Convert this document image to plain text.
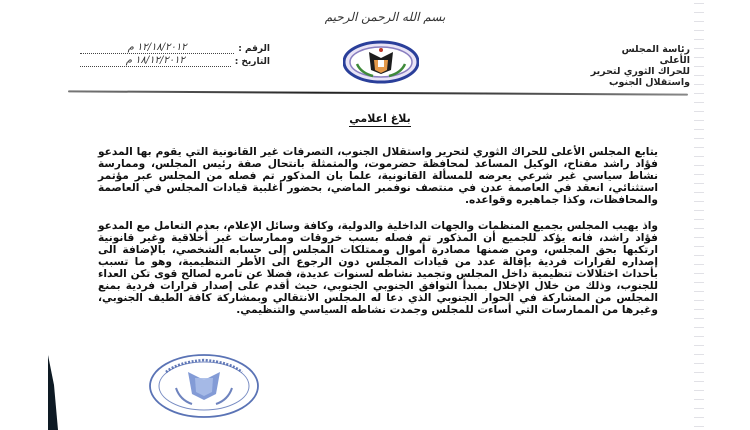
بسم الله الرحمن الرحيم
رئاسة المجلس الأعلى
للحراك الثوري لتحرير
واستقلال الجنوب
الرقم :
١٢/١٨/٢٠١٢ م
التاريخ :
١٨/١٢/٢٠١٢ م
بلاغ اعلامي

يتابع المجلس الأعلى للحراك الثوري لتحرير واستقلال الجنوب، التصرفات غير القانونية التي يقوم بها المدعو فؤاد راشد مفتاح، الوكيل المساعد لمحافظة حضرموت، والمتمثلة بانتحال صفة رئيس المجلس، وممارسة نشاط سياسي غير شرعي يعرضه للمسألة القانونية، علما بان المذكور تم فصله من المجلس عبر مؤتمر استثنائي، انعقد في العاصمة عدن في منتصف نوفمبر الماضي، بحضور أغلبية قيادات المجلس في العاصمة والمحافظات، وكذا جماهيره وقواعده.

واذ يهيب المجلس بجميع المنظمات والجهات الداخلية والدولية، وكافة وسائل الإعلام، بعدم التعامل مع المدعو فؤاد راشد، فانه يؤكد للجميع أن المذكور تم فصله بسبب خروقات وممارسات غير أخلاقية وغير قانونية ارتكبها بحق المجلس، ومن ضمنها مصادرة أموال وممتلكات المجلس إلى حسابه الشخصي، بالإضافة الى إصداره لقرارات فردية بإقالة عدد من قيادات المجلس دون الرجوع الى الأطر التنظيمية، وهو ما تسبب بأحداث اختلالات تنظيمية داخل المجلس وتجميد نشاطه لسنوات عديدة، فضلا عن تامره لصالح قوى تكن العداء للجنوب، وذلك من خلال الإخلال بمبدأ التوافق الجنوبي الجنوبي، حيث أقدم على إصدار قرارات فردية بمنع المجلس من المشاركة في الحوار الجنوبي الذي دعا له المجلس الانتقالي وبمشاركة كافة الطيف الجنوبي، وغيرها من الممارسات التي أساءت للمجلس وجمدت نشاطه السياسي والتنظيمي.
